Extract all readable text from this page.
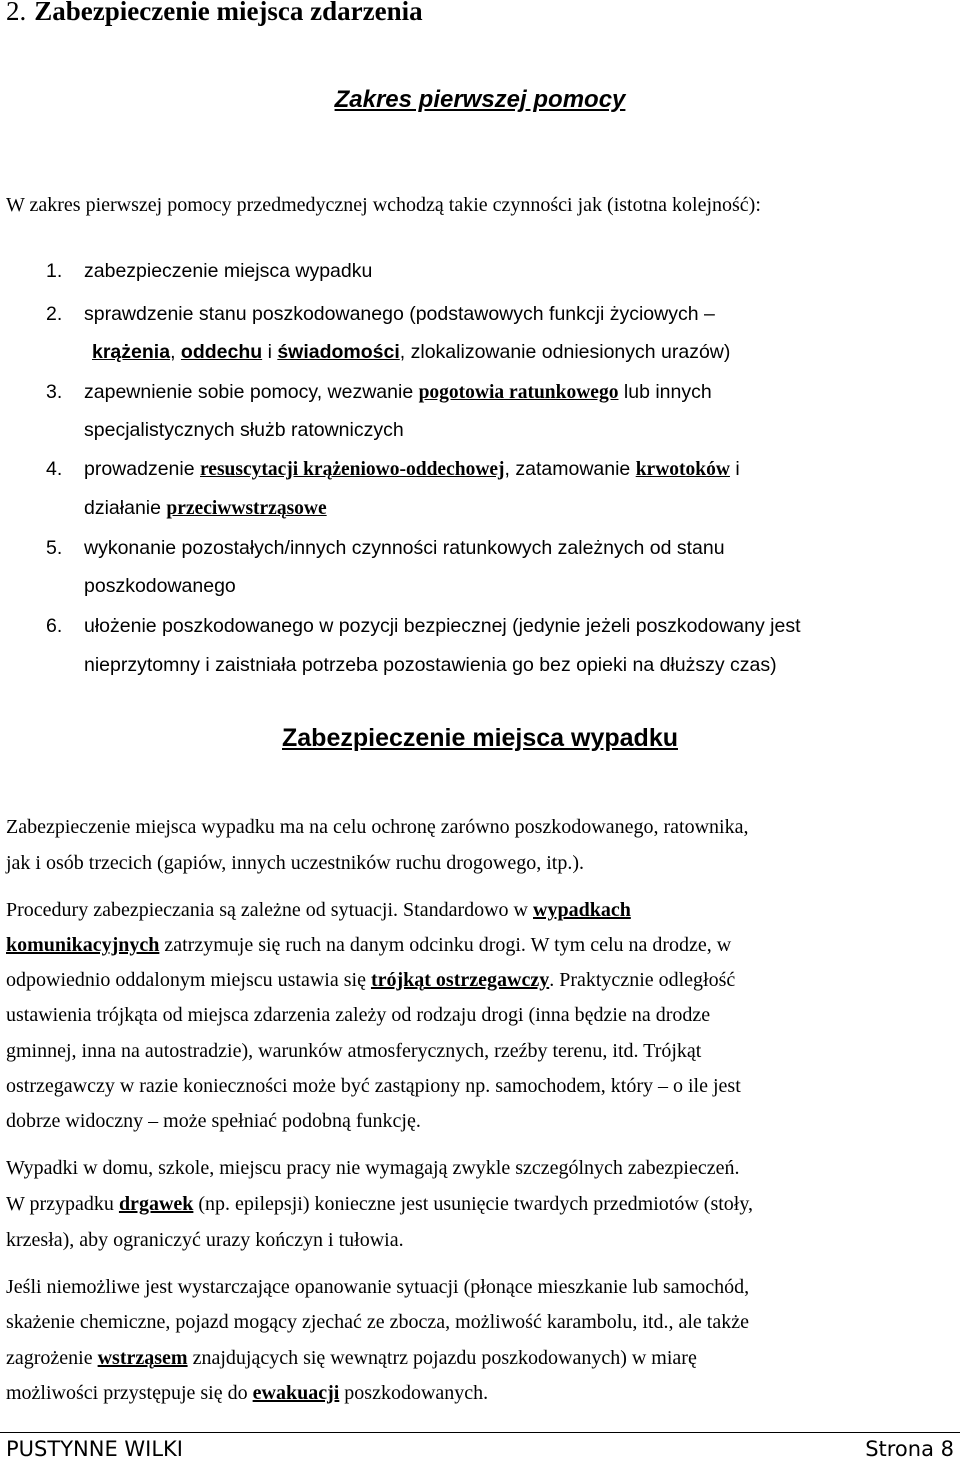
2. Zabezpieczenie miejsca zdarzenia
Zakres pierwszej pomocy
W zakres pierwszej pomocy przedmedycznej wchodzą takie czynności jak (istotna kolejność):
1. zabezpieczenie miejsca wypadku
2. sprawdzenie stanu poszkodowanego (podstawowych funkcji życiowych –
krążenia, oddechu i świadomości, zlokalizowanie odniesionych urazów)
3. zapewnienie sobie pomocy, wezwanie pogotowia ratunkowego lub innych
specjalistycznych służb ratowniczych
4. prowadzenie resuscytacji krążeniowo-oddechowej, zatamowanie krwotoków i
działanie przeciwwstrząsowe
5. wykonanie pozostałych/innych czynności ratunkowych zależnych od stanu
poszkodowanego
6. ułożenie poszkodowanego w pozycji bezpiecznej (jedynie jeżeli poszkodowany jest
nieprzytomny i zaistniała potrzeba pozostawienia go bez opieki na dłuższy czas)
Zabezpieczenie miejsca wypadku
Zabezpieczenie miejsca wypadku ma na celu ochronę zarówno poszkodowanego, ratownika,
jak i osób trzecich (gapiów, innych uczestników ruchu drogowego, itp.).
Procedury zabezpieczania są zależne od sytuacji. Standardowo w wypadkach
komunikacyjnych zatrzymuje się ruch na danym odcinku drogi. W tym celu na drodze, w
odpowiednio oddalonym miejscu ustawia się trójkąt ostrzegawczy. Praktycznie odległość
ustawienia trójkąta od miejsca zdarzenia zależy od rodzaju drogi (inna będzie na drodze
gminnej, inna na autostradzie), warunków atmosferycznych, rzeźby terenu, itd. Trójkąt
ostrzegawczy w razie konieczności może być zastąpiony np. samochodem, który – o ile jest
dobrze widoczny – może spełniać podobną funkcję.
Wypadki w domu, szkole, miejscu pracy nie wymagają zwykle szczególnych zabezpieczeń.
W przypadku drgawek (np. epilepsji) konieczne jest usunięcie twardych przedmiotów (stoły,
krzesła), aby ograniczyć urazy kończyn i tułowia.
Jeśli niemożliwe jest wystarczające opanowanie sytuacji (płonące mieszkanie lub samochód,
skażenie chemiczne, pojazd mogący zjechać ze zbocza, możliwość karambolu, itd., ale także
zagrożenie wstrząsem znajdujących się wewnątrz pojazdu poszkodowanych) w miarę
możliwości przystępuje się do ewakuacji poszkodowanych.
PUSTYNNE WILKI	Strona 8
